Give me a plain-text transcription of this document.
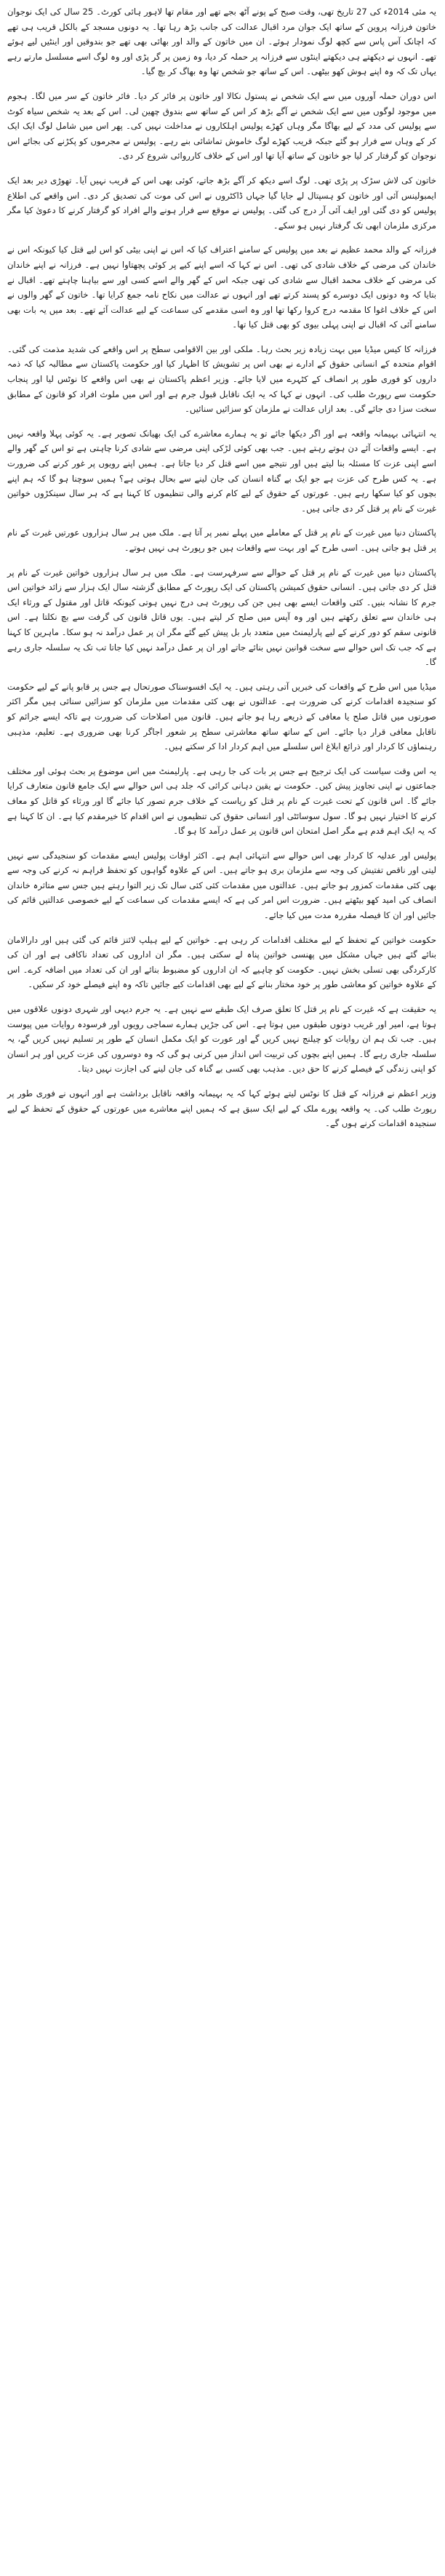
یہ مئی 2014ء کی 27 تاریخ تھی، وقت صبح کے پونے آٹھ بجے تھے اور مقام تھا لاہور ہائی کورٹ۔ 25 سال کی ایک نوجوان خاتون فرزانہ پروین کے ساتھ ایک جوان مرد اقبال عدالت کی جانب بڑھ رہا تھا۔ یہ دونوں مسجد کے بالکل قریب ہی تھے کہ اچانک آس پاس سے کچھ لوگ نمودار ہوئے۔ ان میں خاتون کے والد اور بھائی بھی تھے جو بندوقیں اور اینٹیں لیے ہوئے تھے۔ انہوں نے دیکھتے ہی دیکھتے اینٹوں سے فرزانہ پر حملہ کر دیا، وہ زمین پر گر پڑی اور وہ لوگ اسے مسلسل مارتے رہے یہاں تک کہ وہ اپنے ہوش کھو بیٹھی۔ اس کے ساتھ جو شخص تھا وہ بھاگ کر بچ گیا۔

اس دوران حملہ آوروں میں سے ایک شخص نے پستول نکالا اور خاتون پر فائر کر دیا۔ فائر خاتون کے سر میں لگا۔ ہجوم میں موجود لوگوں میں سے ایک شخص نے آگے بڑھ کر اس کے ساتھ سے بندوق چھین لی۔ اس کے بعد یہ شخص سیاہ کوٹ سے پولیس کی مدد کے لیے بھاگا مگر وہاں کھڑے پولیس اہلکاروں نے مداخلت نہیں کی۔ پھر اس میں شامل لوگ ایک ایک کر کے وہاں سے فرار ہو گئے جبکہ قریب کھڑے لوگ خاموش تماشائی بنے رہے۔ پولیس نے مجرموں کو پکڑنے کی بجائے اس نوجوان کو گرفتار کر لیا جو خاتون کے ساتھ آیا تھا اور اس کے خلاف کارروائی شروع کر دی۔

خاتون کی لاش سڑک پر پڑی تھی۔ لوگ اسے دیکھ کر آگے بڑھ جاتے، کوئی بھی اس کے قریب نہیں آیا۔ تھوڑی دیر بعد ایک ایمبولینس آئی اور خاتون کو ہسپتال لے جایا گیا جہاں ڈاکٹروں نے اس کی موت کی تصدیق کر دی۔ اس واقعے کی اطلاع پولیس کو دی گئی اور ایف آئی آر درج کی گئی۔ پولیس نے موقع سے فرار ہونے والے افراد کو گرفتار کرنے کا دعویٰ کیا مگر مرکزی ملزمان ابھی تک گرفتار نہیں ہو سکے۔

فرزانہ کے والد محمد عظیم نے بعد میں پولیس کے سامنے اعتراف کیا کہ اس نے اپنی بیٹی کو اس لیے قتل کیا کیونکہ اس نے خاندان کی مرضی کے خلاف شادی کی تھی۔ اس نے کہا کہ اسے اپنے کیے پر کوئی پچھتاوا نہیں ہے۔ فرزانہ نے اپنے خاندان کی مرضی کے خلاف محمد اقبال سے شادی کی تھی جبکہ اس کے گھر والے اسے کسی اور سے بیاہنا چاہتے تھے۔ اقبال نے بتایا کہ وہ دونوں ایک دوسرے کو پسند کرتے تھے اور انہوں نے عدالت میں نکاح نامہ جمع کرایا تھا۔ خاتون کے گھر والوں نے اس کے خلاف اغوا کا مقدمہ درج کروا رکھا تھا اور وہ اسی مقدمے کی سماعت کے لیے عدالت آئے تھے۔ بعد میں یہ بات بھی سامنے آئی کہ اقبال نے اپنی پہلی بیوی کو بھی قتل کیا تھا۔

فرزانہ کا کیس میڈیا میں بہت زیادہ زیر بحث رہا۔ ملکی اور بین الاقوامی سطح پر اس واقعے کی شدید مذمت کی گئی۔ اقوام متحدہ کے انسانی حقوق کے ادارے نے بھی اس پر تشویش کا اظہار کیا اور حکومت پاکستان سے مطالبہ کیا کہ ذمہ داروں کو فوری طور پر انصاف کے کٹہرے میں لایا جائے۔ وزیر اعظم پاکستان نے بھی اس واقعے کا نوٹس لیا اور پنجاب حکومت سے رپورٹ طلب کی۔ انہوں نے کہا کہ یہ ایک ناقابل قبول جرم ہے اور اس میں ملوث افراد کو قانون کے مطابق سخت سزا دی جائے گی۔ بعد ازاں عدالت نے ملزمان کو سزائیں سنائیں۔

یہ انتہائی بہیمانہ واقعہ ہے اور اگر دیکھا جائے تو یہ ہمارے معاشرے کی ایک بھیانک تصویر ہے۔ یہ کوئی پہلا واقعہ نہیں ہے۔ ایسے واقعات آئے دن ہوتے رہتے ہیں۔ جب بھی کوئی لڑکی اپنی مرضی سے شادی کرنا چاہتی ہے تو اس کے گھر والے اسے اپنی عزت کا مسئلہ بنا لیتے ہیں اور نتیجے میں اسے قتل کر دیا جاتا ہے۔ ہمیں اپنے رویوں پر غور کرنے کی ضرورت ہے۔ یہ کس طرح کی عزت ہے جو ایک بے گناہ انسان کی جان لینے سے بحال ہوتی ہے؟ ہمیں سوچنا ہو گا کہ ہم اپنے بچوں کو کیا سکھا رہے ہیں۔ عورتوں کے حقوق کے لیے کام کرنے والی تنظیموں کا کہنا ہے کہ ہر سال سینکڑوں خواتین غیرت کے نام پر قتل کر دی جاتی ہیں۔

پاکستان دنیا میں غیرت کے نام پر قتل کے معاملے میں پہلے نمبر پر آتا ہے۔ ملک میں ہر سال ہزاروں عورتیں غیرت کے نام پر قتل ہو جاتی ہیں۔ اسی طرح کے اور بہت سے واقعات ہیں جو رپورٹ ہی نہیں ہوتے۔

پاکستان دنیا میں غیرت کے نام پر قتل کے حوالے سے سرفہرست ہے۔ ملک میں ہر سال ہزاروں خواتین غیرت کے نام پر قتل کر دی جاتی ہیں۔ انسانی حقوق کمیشن پاکستان کی ایک رپورٹ کے مطابق گزشتہ سال ایک ہزار سے زائد خواتین اس جرم کا نشانہ بنیں۔ کئی واقعات ایسے بھی ہیں جن کی رپورٹ ہی درج نہیں ہوتی کیونکہ قاتل اور مقتول کے ورثاء ایک ہی خاندان سے تعلق رکھتے ہیں اور وہ آپس میں صلح کر لیتے ہیں۔ یوں قاتل قانون کی گرفت سے بچ نکلتا ہے۔ اس قانونی سقم کو دور کرنے کے لیے پارلیمنٹ میں متعدد بار بل پیش کیے گئے مگر ان پر عمل درآمد نہ ہو سکا۔ ماہرین کا کہنا ہے کہ جب تک اس حوالے سے سخت قوانین نہیں بنائے جاتے اور ان پر عمل درآمد نہیں کیا جاتا تب تک یہ سلسلہ جاری رہے گا۔

میڈیا میں اس طرح کے واقعات کی خبریں آتی رہتی ہیں۔ یہ ایک افسوسناک صورتحال ہے جس پر قابو پانے کے لیے حکومت کو سنجیدہ اقدامات کرنے کی ضرورت ہے۔ عدالتوں نے بھی کئی مقدمات میں ملزمان کو سزائیں سنائی ہیں مگر اکثر صورتوں میں قاتل صلح یا معافی کے ذریعے رہا ہو جاتے ہیں۔ قانون میں اصلاحات کی ضرورت ہے تاکہ ایسے جرائم کو ناقابل معافی قرار دیا جائے۔ اس کے ساتھ ساتھ معاشرتی سطح پر شعور اجاگر کرنا بھی ضروری ہے۔ تعلیم، مذہبی رہنماؤں کا کردار اور ذرائع ابلاغ اس سلسلے میں اہم کردار ادا کر سکتے ہیں۔

یہ اس وقت سیاست کی ایک ترجیح ہے جس پر بات کی جا رہی ہے۔ پارلیمنٹ میں اس موضوع پر بحث ہوئی اور مختلف جماعتوں نے اپنی تجاویز پیش کیں۔ حکومت نے یقین دہانی کرائی کہ جلد ہی اس حوالے سے ایک جامع قانون متعارف کرایا جائے گا۔ اس قانون کے تحت غیرت کے نام پر قتل کو ریاست کے خلاف جرم تصور کیا جائے گا اور ورثاء کو قاتل کو معاف کرنے کا اختیار نہیں ہو گا۔ سول سوسائٹی اور انسانی حقوق کی تنظیموں نے اس اقدام کا خیرمقدم کیا ہے۔ ان کا کہنا ہے کہ یہ ایک اہم قدم ہے مگر اصل امتحان اس قانون پر عمل درآمد کا ہو گا۔

پولیس اور عدلیہ کا کردار بھی اس حوالے سے انتہائی اہم ہے۔ اکثر اوقات پولیس ایسے مقدمات کو سنجیدگی سے نہیں لیتی اور ناقص تفتیش کی وجہ سے ملزمان بری ہو جاتے ہیں۔ اس کے علاوہ گواہوں کو تحفظ فراہم نہ کرنے کی وجہ سے بھی کئی مقدمات کمزور ہو جاتے ہیں۔ عدالتوں میں مقدمات کئی کئی سال تک زیر التوا رہتے ہیں جس سے متاثرہ خاندان انصاف کی امید کھو بیٹھتے ہیں۔ ضرورت اس امر کی ہے کہ ایسے مقدمات کی سماعت کے لیے خصوصی عدالتیں قائم کی جائیں اور ان کا فیصلہ مقررہ مدت میں کیا جائے۔

حکومت خواتین کے تحفظ کے لیے مختلف اقدامات کر رہی ہے۔ خواتین کے لیے ہیلپ لائنز قائم کی گئی ہیں اور دارالامان بنائے گئے ہیں جہاں مشکل میں پھنسی خواتین پناہ لے سکتی ہیں۔ مگر ان اداروں کی تعداد ناکافی ہے اور ان کی کارکردگی بھی تسلی بخش نہیں۔ حکومت کو چاہیے کہ ان اداروں کو مضبوط بنائے اور ان کی تعداد میں اضافہ کرے۔ اس کے علاوہ خواتین کو معاشی طور پر خود مختار بنانے کے لیے بھی اقدامات کیے جائیں تاکہ وہ اپنے فیصلے خود کر سکیں۔

یہ حقیقت ہے کہ غیرت کے نام پر قتل کا تعلق صرف ایک طبقے سے نہیں ہے۔ یہ جرم دیہی اور شہری دونوں علاقوں میں ہوتا ہے، امیر اور غریب دونوں طبقوں میں ہوتا ہے۔ اس کی جڑیں ہمارے سماجی رویوں اور فرسودہ روایات میں پیوست ہیں۔ جب تک ہم ان روایات کو چیلنج نہیں کریں گے اور عورت کو ایک مکمل انسان کے طور پر تسلیم نہیں کریں گے، یہ سلسلہ جاری رہے گا۔ ہمیں اپنے بچوں کی تربیت اس انداز میں کرنی ہو گی کہ وہ دوسروں کی عزت کریں اور ہر انسان کو اپنی زندگی کے فیصلے کرنے کا حق دیں۔ مذہب بھی کسی بے گناہ کی جان لینے کی اجازت نہیں دیتا۔

وزیر اعظم نے فرزانہ کے قتل کا نوٹس لیتے ہوئے کہا کہ یہ بہیمانہ واقعہ ناقابل برداشت ہے اور انہوں نے فوری طور پر رپورٹ طلب کی۔ یہ واقعہ پورے ملک کے لیے ایک سبق ہے کہ ہمیں اپنے معاشرے میں عورتوں کے حقوق کے تحفظ کے لیے سنجیدہ اقدامات کرنے ہوں گے۔
